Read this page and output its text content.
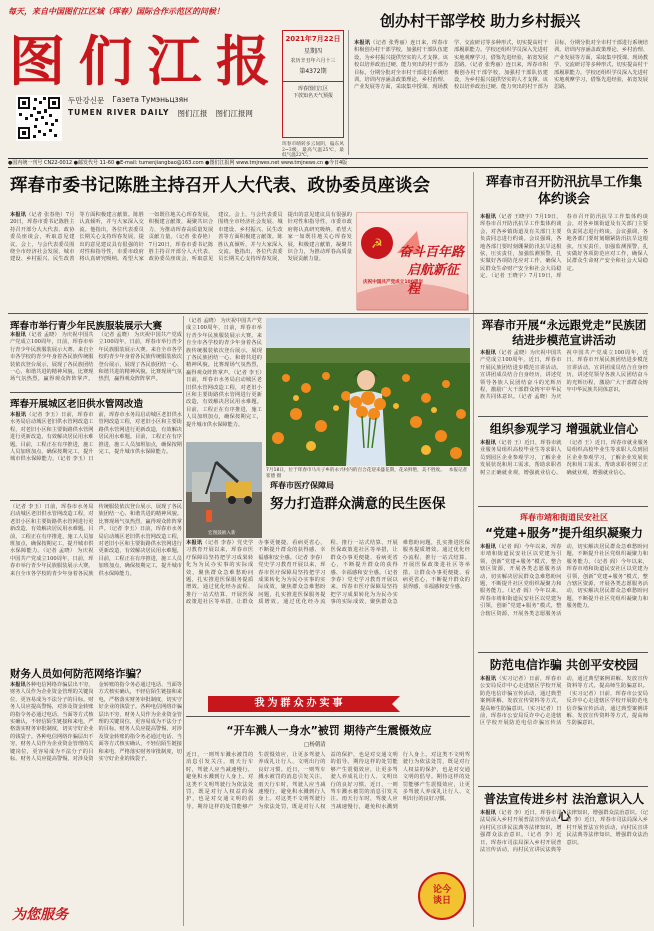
每天，来自中国图们江区域（珲春）国际合作示范区的问候！
图 们 江 报
두만강신문 Газета Тумэньцзян
TUMEN RIVER DAILY 图们江报 图们江报网
2021年7月22日
星期四
农历辛丑年六月十三
第4372期
珲春图们江区
下放知名天气预报
珲春市晴转多云间阴，偏东风2~3级，最高气温25℃，最低气温22℃。
创办村干部学校 助力乡村振兴
本报讯（记者 张秀丽）连日来，珲春市积极创办村干部学校，加强村干部队伍建设，为乡村振兴提供坚实的人才支撑。该校以培养政治过硬、能力突出的村干部为目标，分期分批对全市村干部进行系统培训。培训内容涵盖政策理论、乡村治理、产业发展等方面，采取集中授课、现场教学、交流研讨等多种形式，切实提高村干部履职能力。学校还组织学员深入先进村实地观摩学习，借鉴先进经验，拓宽发展思路。（记者 张秀丽）连日来，珲春市积极创办村干部学校，加强村干部队伍建设，为乡村振兴提供坚实的人才支撑。该校以培养政治过硬、能力突出的村干部为目标，分期分批对全市村干部进行系统培训。培训内容涵盖政策理论、乡村治理、产业发展等方面，采取集中授课、现场教学、交流研讨等多种形式，切实提高村干部履职能力。学校还组织学员深入先进村实地观摩学习，借鉴先进经验，拓宽发展思路。
●国内统一刊号 CN22-0012 ●邮发代号 11-60 ●E-mail: tumenjiangbao@163.com ●图们江报网 www.tmjrwes.net www.tmjnews.cn ●今日4版
珲春市委书记陈胜主持召开人大代表、政协委员座谈会
本报讯（记者 张春艳）7月20日，珲春市委书记陈胜主持召开部分人大代表、政协委员座谈会，听取意见建议。会上，与会代表委员围绕全市经济社会发展、城市建设、乡村振兴、民生改善等方面积极建言献策。陈胜认真倾听，并与大家深入交流。他指出，各位代表委员长期关心支持珲春发展，提出的意见建议具有很强的针对性和指导性，市委市政府将认真研究吸纳。希望大家一如既往地关心珲春发展，积极建言献策，凝聚共识合力，为推动珲春高质量发展贡献力量。（记者 张春艳）7月20日，珲春市委书记陈胜主持召开部分人大代表、政协委员座谈会，听取意见建议。会上，与会代表委员围绕全市经济社会发展、城市建设、乡村振兴、民生改善等方面积极建言献策。陈胜认真倾听，并与大家深入交流。他指出，各位代表委员长期关心支持珲春发展，提出的意见建议具有很强的针对性和指导性，市委市政府将认真研究吸纳。希望大家一如既往地关心珲春发展，积极建言献策，凝聚共识合力，为推动珲春高质量发展贡献力量。
☭
奋斗百年路
启航新征程
庆祝中国共产党成立100周年
珲春市召开防汛抗旱工作集体约谈会
本报讯（记者 王晓宇）7月19日，珲春市召开防汛抗旱工作集体约谈会，对各乡镇街道及有关部门主要负责同志进行约谈。会议强调，各地各部门要时刻绷紧防汛抗旱这根弦，压实责任，加强监测预警，扎实做好各项防范应对工作，确保人民群众生命财产安全和社会大局稳定。（记者 王晓宇）7月19日，珲春市召开防汛抗旱工作集体约谈会，对各乡镇街道及有关部门主要负责同志进行约谈。会议强调，各地各部门要时刻绷紧防汛抗旱这根弦，压实责任，加强监测预警，扎实做好各项防范应对工作，确保人民群众生命财产安全和社会大局稳定。
珲春市举行青少年民族服装展示大赛
本报讯（记者 孟晓） 为庆祝中国共产党成立100周年，日前，珲春市举行青少年民族服装展示大赛。来自全市各学校的青少年身着各民族传统服装依次登台展示，展现了各民族团结一心、和谐共进的精神风貌。比赛现场气氛热烈，赢得观众阵阵掌声。（记者 孟晓） 为庆祝中国共产党成立100周年，日前，珲春市举行青少年民族服装展示大赛。来自全市各学校的青少年身着各民族传统服装依次登台展示，展现了各民族团结一心、和谐共进的精神风貌。比赛现场气氛热烈，赢得观众阵阵掌声。
珲春开展城区老旧供水管网改造
本报讯（记者 李玉）日前，珲春市水务局启动城区老旧供水管网改造工程，对老旧小区和主要街路供水管网进行更新改造，有效解决居民用水难题。目前，工程正在有序推进，施工人员加班加点，确保按期完工，提升城市供水保障能力。（记者 李玉）日前，珲春市水务局启动城区老旧供水管网改造工程，对老旧小区和主要街路供水管网进行更新改造，有效解决居民用水难题。目前，工程正在有序推进，施工人员加班加点，确保按期完工，提升城市供水保障能力。
（记者 孟晓） 为庆祝中国共产党成立100周年，日前，珲春市举行青少年民族服装展示大赛。来自全市各学校的青少年身着各民族传统服装依次登台展示，展现了各民族团结一心、和谐共进的精神风貌。比赛现场气氛热烈，赢得观众阵阵掌声。（记者 李玉）日前，珲春市水务局启动城区老旧供水管网改造工程，对老旧小区和主要街路供水管网进行更新改造，有效解决居民用水难题。目前，工程正在有序推进，施工人员加班加点，确保按期完工，提升城市供水保障能力。
7月18日，位于珲春市马川子乡的永兴村内的百合花迎来盛花期，花朵鲜艳，美不胜收。 本报记者 崔德 摄
宏图鼓励入新
珲春市医疗保障局
努力打造群众满意的民生医保
本报讯（记者 李春）党史学习教育开展以来，珲春市医疗保障局坚持把学习成果转化为为民办实事的实际成效，聚焦群众急难愁盼问题，扎实推进医保服务提质增效。通过优化经办流程、推行一站式结算、开展医保政策进社区等举措，让群众办事更便捷、看病更省心，不断提升群众的获得感、幸福感和安全感。（记者 李春）党史学习教育开展以来，珲春市医疗保障局坚持把学习成果转化为为民办实事的实际成效，聚焦群众急难愁盼问题，扎实推进医保服务提质增效。通过优化经办流程、推行一站式结算、开展医保政策进社区等举措，让群众办事更便捷、看病更省心，不断提升群众的获得感、幸福感和安全感。（记者 李春）党史学习教育开展以来，珲春市医疗保障局坚持把学习成果转化为为民办实事的实际成效，聚焦群众急难愁盼问题，扎实推进医保服务提质增效。通过优化经办流程、推行一站式结算、开展医保政策进社区等举措，让群众办事更便捷、看病更省心，不断提升群众的获得感、幸福感和安全感。
我为群众办实事
（记者 李玉）日前，珲春市水务局启动城区老旧供水管网改造工程，对老旧小区和主要街路供水管网进行更新改造，有效解决居民用水难题。目前，工程正在有序推进，施工人员加班加点，确保按期完工，提升城市供水保障能力。（记者 孟晓） 为庆祝中国共产党成立100周年，日前，珲春市举行青少年民族服装展示大赛。来自全市各学校的青少年身着各民族传统服装依次登台展示，展现了各民族团结一心、和谐共进的精神风貌。比赛现场气氛热烈，赢得观众阵阵掌声。（记者 李玉）日前，珲春市水务局启动城区老旧供水管网改造工程，对老旧小区和主要街路供水管网进行更新改造，有效解决居民用水难题。目前，工程正在有序推进，施工人员加班加点，确保按期完工，提升城市供水保障能力。
财务人员如何防范网络诈骗？
本报讯各种电信网络诈骗层出不穷，财务人员作为企业资金管理的关键岗位，更容易成为不法分子的目标。财务人员应提高警惕，对涉及资金转账的指令务必通过电话、当面等方式核实确认，不轻信陌生链接和来电，严格落实财务审批制度，切实守好企业的钱袋子。各种电信网络诈骗层出不穷，财务人员作为企业资金管理的关键岗位，更容易成为不法分子的目标。财务人员应提高警惕，对涉及资金转账的指令务必通过电话、当面等方式核实确认，不轻信陌生链接和来电，严格落实财务审批制度，切实守好企业的钱袋子。各种电信网络诈骗层出不穷，财务人员作为企业资金管理的关键岗位，更容易成为不法分子的目标。财务人员应提高警惕，对涉及资金转账的指令务必通过电话、当面等方式核实确认，不轻信陌生链接和来电，严格落实财务审批制度，切实守好企业的钱袋子。
“开车溅人一身水”被罚 期待产生震慑效应
□杨朝清
近日，一则驾车溅水被罚的消息引发关注。雨天行车时，驾驶人应当减速慢行，避免积水溅到行人身上。对这类不文明驾驶行为依法处罚，既是对行人权益的保护，也是对交通文明的倡导。期待这样的处罚能够产生震慑效应，让更多驾驶人养成礼让行人、文明出行的良好习惯。近日，一则驾车溅水被罚的消息引发关注。雨天行车时，驾驶人应当减速慢行，避免积水溅到行人身上。对这类不文明驾驶行为依法处罚，既是对行人权益的保护，也是对交通文明的倡导。期待这样的处罚能够产生震慑效应，让更多驾驶人养成礼让行人、文明出行的良好习惯。近日，一则驾车溅水被罚的消息引发关注。雨天行车时，驾驶人应当减速慢行，避免积水溅到行人身上。对这类不文明驾驶行为依法处罚，既是对行人权益的保护，也是对交通文明的倡导。期待这样的处罚能够产生震慑效应，让更多驾驶人养成礼让行人、文明出行的良好习惯。
论今谈日
为您服务
珲春市开展“永远跟党走”民族团结进步模范宣讲活动
本报讯（记者 孟晓）为庆祝中国共产党成立100周年，近日，珲春市开展民族团结进步模范宣讲活动。宣讲团成员结合自身经历，讲述党领导各族人民团结奋斗的光辉历程，激励广大干部群众铸牢中华民族共同体意识。（记者 孟晓）为庆祝中国共产党成立100周年，近日，珲春市开展民族团结进步模范宣讲活动。宣讲团成员结合自身经历，讲述党领导各族人民团结奋斗的光辉历程，激励广大干部群众铸牢中华民族共同体意识。
组织参观学习 增强就业信心
本报讯（记者 王）近日，珲春市就业服务局组织高校毕业生等求职人员到园区企业参观学习，了解企业发展状况和用工需求，帮助求职者树立正确就业观，增强就业信心。（记者 王）近日，珲春市就业服务局组织高校毕业生等求职人员到园区企业参观学习，了解企业发展状况和用工需求，帮助求职者树立正确就业观，增强就业信心。
珲春市靖和街道民安社区
“党建+服务”提升组织凝聚力
本报讯（记者 阎）今年以来，珲春市靖和街道民安社区以党建为引领，创新“党建+服务”模式，整合辖区资源，开展各类志愿服务活动，切实解决居民群众急难愁盼问题，不断提升社区党组织凝聚力和服务能力。（记者 阎）今年以来，珲春市靖和街道民安社区以党建为引领，创新“党建+服务”模式，整合辖区资源，开展各类志愿服务活动，切实解决居民群众急难愁盼问题，不断提升社区党组织凝聚力和服务能力。（记者 阎）今年以来，珲春市靖和街道民安社区以党建为引领，创新“党建+服务”模式，整合辖区资源，开展各类志愿服务活动，切实解决居民群众急难愁盼问题，不断提升社区党组织凝聚力和服务能力。
防范电信诈骗 共创平安校园
本报讯（实习记者）日前，珲春市公安局反诈中心走进辖区学校开展防范电信诈骗宣传活动，通过典型案例讲解、发放宣传资料等方式，提高师生防骗意识。（实习记者）日前，珲春市公安局反诈中心走进辖区学校开展防范电信诈骗宣传活动，通过典型案例讲解、发放宣传资料等方式，提高师生防骗意识。（实习记者）日前，珲春市公安局反诈中心走进辖区学校开展防范电信诈骗宣传活动，通过典型案例讲解、发放宣传资料等方式，提高师生防骗意识。
普法宣传进乡村 法治意识入人心
本报讯（记者 李）近日，珲春市司法局深入乡村开展普法宣传活动，向村民宣讲民法典等法律知识，增强群众法治意识。（记者 李）近日，珲春市司法局深入乡村开展普法宣传活动，向村民宣讲民法典等法律知识，增强群众法治意识。（记者 李）近日，珲春市司法局深入乡村开展普法宣传活动，向村民宣讲民法典等法律知识，增强群众法治意识。
